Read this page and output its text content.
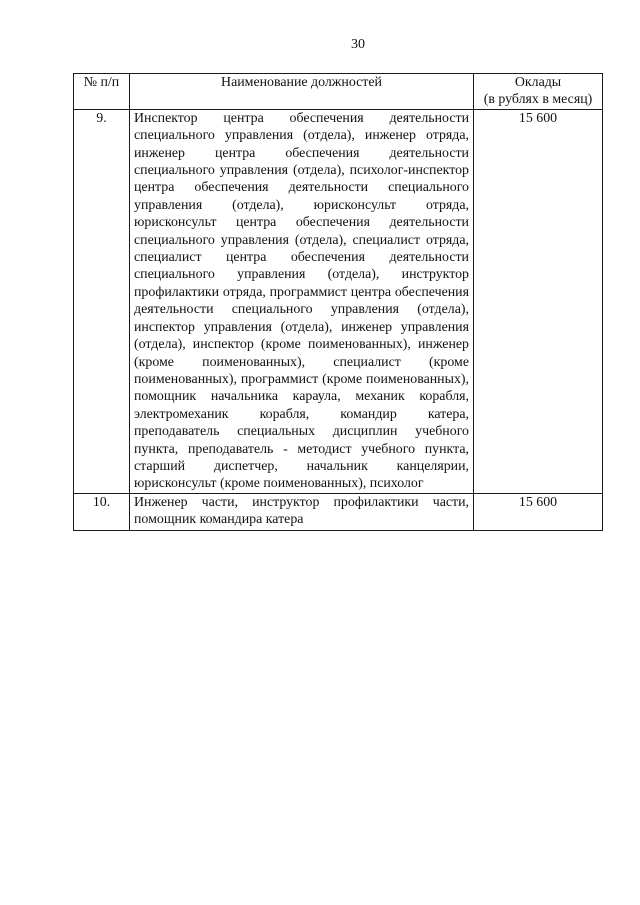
30
№ п/п	Наименование должностей	Оклады
(в рублях в месяц)

9.	Инспектор центра обеспечения деятельности специального управления (отдела), инженер отряда, инженер центра обеспечения деятельности специального управления (отдела), психолог-инспектор центра обеспечения деятельности специального управления (отдела), юрисконсульт отряда, юрисконсульт центра обеспечения деятельности специального управления (отдела), специалист отряда, специалист центра обеспечения деятельности специального управления (отдела), инструктор профилактики отряда, программист центра обеспечения деятельности специального управления (отдела), инспектор управления (отдела), инженер управления (отдела), инспектор (кроме поименованных), инженер (кроме поименованных), специалист (кроме поименованных), программист (кроме поименованных), помощник начальника караула, механик корабля, электромеханик корабля, командир катера, преподаватель специальных дисциплин учебного пункта, преподаватель - методист учебного пункта, старший диспетчер, начальник канцелярии, юрисконсульт (кроме поименованных), психолог	15 600
10.	Инженер части, инструктор профилактики части, помощник командира катера	15 600
